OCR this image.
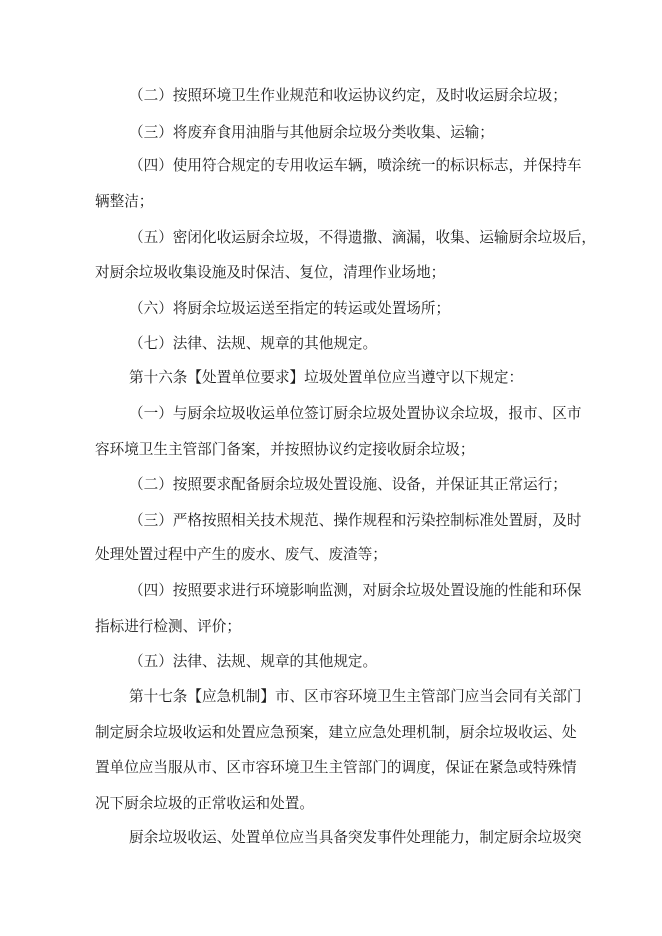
（二）按照环境卫生作业规范和收运协议约定，及时收运厨余垃圾；
（三）将废弃食用油脂与其他厨余垃圾分类收集、运输；
（四）使用符合规定的专用收运车辆，喷涂统一的标识标志，并保持车
辆整洁；
（五）密闭化收运厨余垃圾，不得遗撒、滴漏，收集、运输厨余垃圾后，
对厨余垃圾收集设施及时保洁、复位，清理作业场地；
（六）将厨余垃圾运送至指定的转运或处置场所；
（七）法律、法规、规章的其他规定。
第十六条【处置单位要求】垃圾处置单位应当遵守以下规定：
（一）与厨余垃圾收运单位签订厨余垃圾处置协议余垃圾，报市、区市
容环境卫生主管部门备案，并按照协议约定接收厨余垃圾；
（二）按照要求配备厨余垃圾处置设施、设备，并保证其正常运行；
（三）严格按照相关技术规范、操作规程和污染控制标准处置厨，及时
处理处置过程中产生的废水、废气、废渣等；
（四）按照要求进行环境影响监测，对厨余垃圾处置设施的性能和环保
指标进行检测、评价；
（五）法律、法规、规章的其他规定。
第十七条【应急机制】市、区市容环境卫生主管部门应当会同有关部门
制定厨余垃圾收运和处置应急预案，建立应急处理机制，厨余垃圾收运、处
置单位应当服从市、区市容环境卫生主管部门的调度，保证在紧急或特殊情
况下厨余垃圾的正常收运和处置。
厨余垃圾收运、处置单位应当具备突发事件处理能力，制定厨余垃圾突
